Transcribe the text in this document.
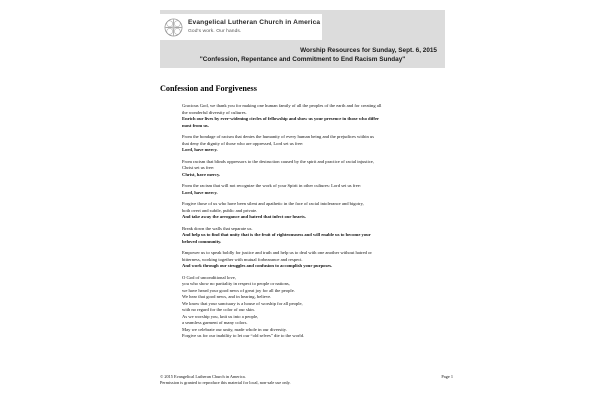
Evangelical Lutheran Church in America
God's work. Our hands.
Worship Resources for Sunday, Sept. 6, 2015
"Confession, Repentance and Commitment to End Racism Sunday"
Confession and Forgiveness
Gracious God, we thank you for making one human family of all the peoples of the earth and for creating all
the wonderful diversity of cultures.
Enrich our lives by ever-widening circles of fellowship and show us your presence in those who differ
most from us.
From the bondage of racism that denies the humanity of every human being and the prejudices within us
that deny the dignity of those who are oppressed, Lord set us free:
Lord, have mercy.
From racism that blinds oppressors to the destruction caused by the spirit and practice of racial injustice,
Christ set us free:
Christ, have mercy.
From the racism that will not recognize the work of your Spirit in other cultures: Lord set us free:
Lord, have mercy.
Forgive those of us who have been silent and apathetic in the face of racial intolerance and bigotry,
both overt and subtle, public and private.
And take away the arrogance and hatred that infect our hearts.
Break down the walls that separate us.
And help us to find that unity that is the fruit of righteousness and will enable us to become your
beloved community.
Empower us to speak boldly for justice and truth and help us to deal with one another without hatred or
bitterness, working together with mutual forbearance and respect.
And work through our struggles and confusion to accomplish your purposes.
O God of unconditional love,
you who show no partiality in respect to people or nations,
we have heard your good news of great joy for all the people.
We hear that good news, and in hearing, believe.
We know that your sanctuary is a house of worship for all people,
with no regard for the color of our skin.
As we worship you, knit us into a people,
a seamless garment of many colors.
May we celebrate our unity, made whole in our diversity.
Forgive us for our inability to let our “old selves” die to the world.
© 2015 Evangelical Lutheran Church in America.
Permission is granted to reproduce this material for local, non-sale use only.
Page 1
